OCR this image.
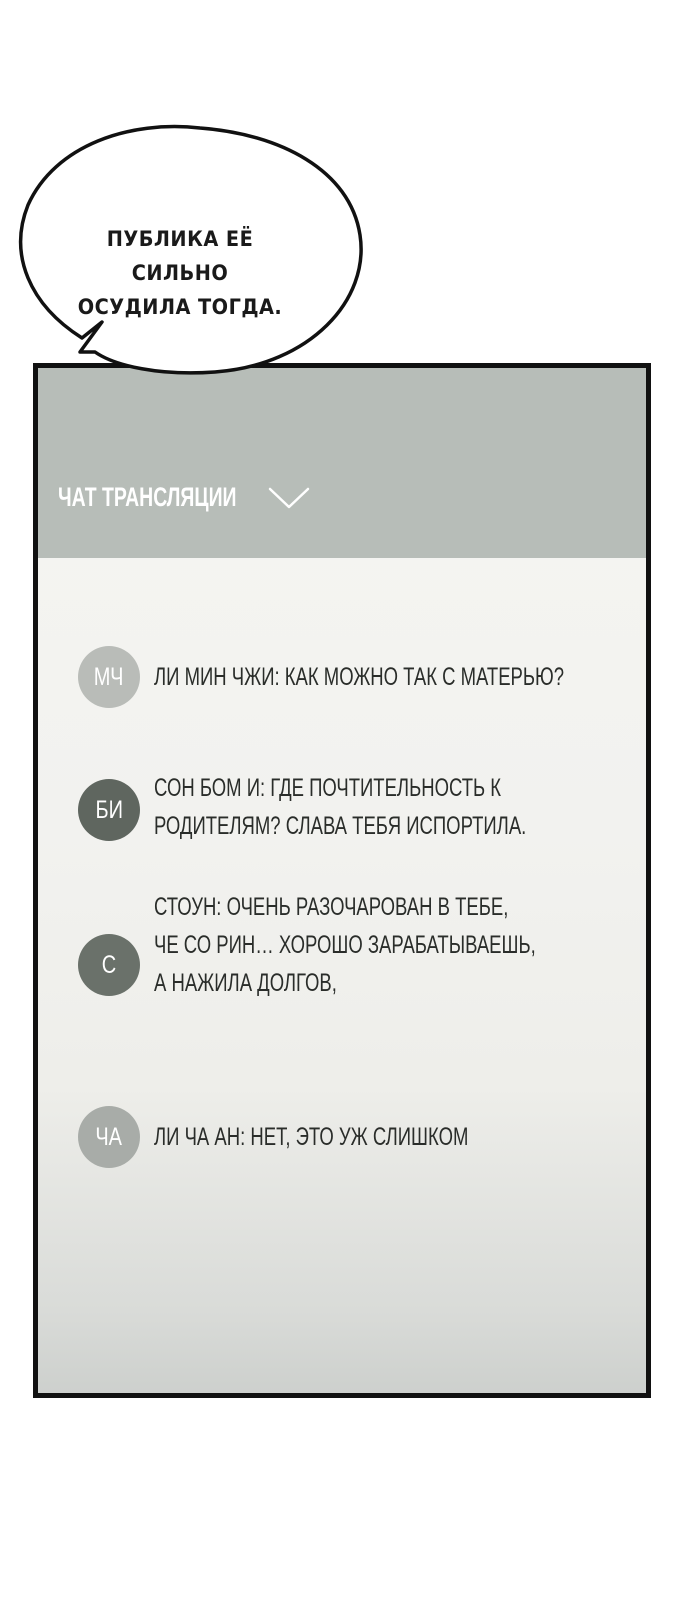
ПУБЛИКА ЕЁ СИЛЬНО
ОСУДИЛА ТОГДА.
ЧАТ ТРАНСЛЯЦИИ
МЧ ЛИ МИН ЧЖИ: КАК МОЖНО ТАК С МАТЕРЬЮ?
БИ
СОН БОМ И: ГДЕ ПОЧТИТЕЛЬНОСТЬ К
РОДИТЕЛЯМ? СЛАВА ТЕБЯ ИСПОРТИЛА.
С
СТОУН: ОЧЕНЬ РАЗОЧАРОВАН В ТЕБЕ,
ЧЕ СО РИН… ХОРОШО ЗАРАБАТЫВАЕШЬ,
А НАЖИЛА ДОЛГОВ,
ЧА ЛИ ЧА АН: НЕТ, ЭТО УЖ СЛИШКОМ
